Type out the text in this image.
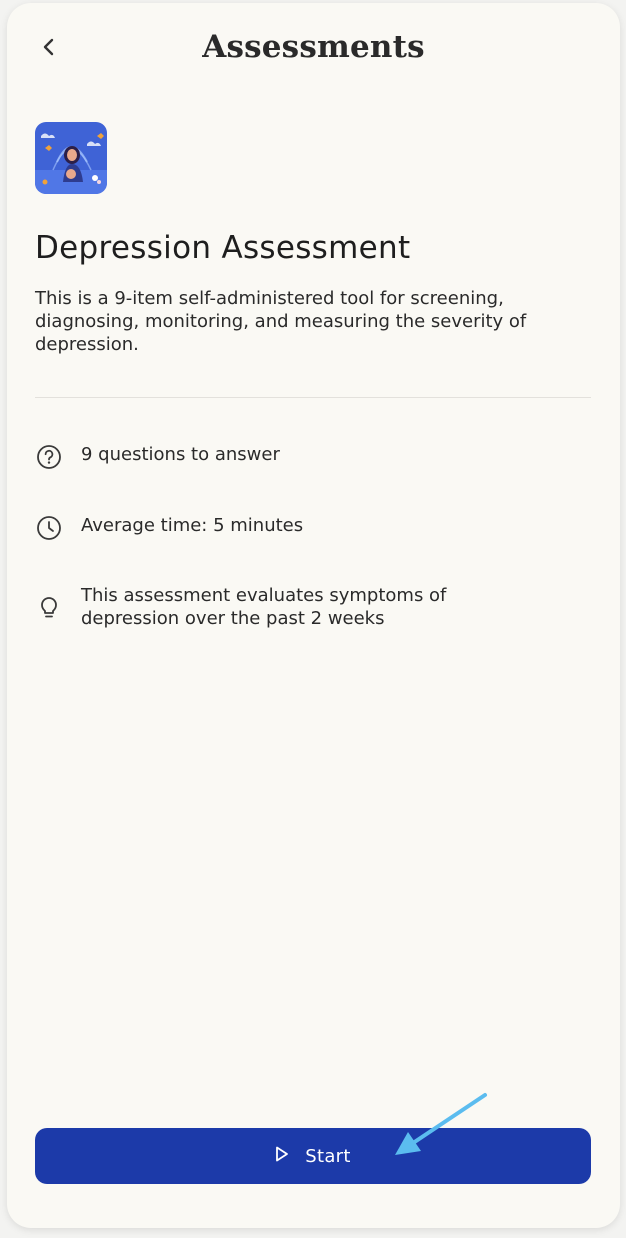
Assessments
Depression Assessment

This is a 9-item self-administered tool for screening, diagnosing, monitoring, and measuring the severity of depression.

9 questions to answer
Average time: 5 minutes
This assessment evaluates symptoms of depression over the past 2 weeks
Start
